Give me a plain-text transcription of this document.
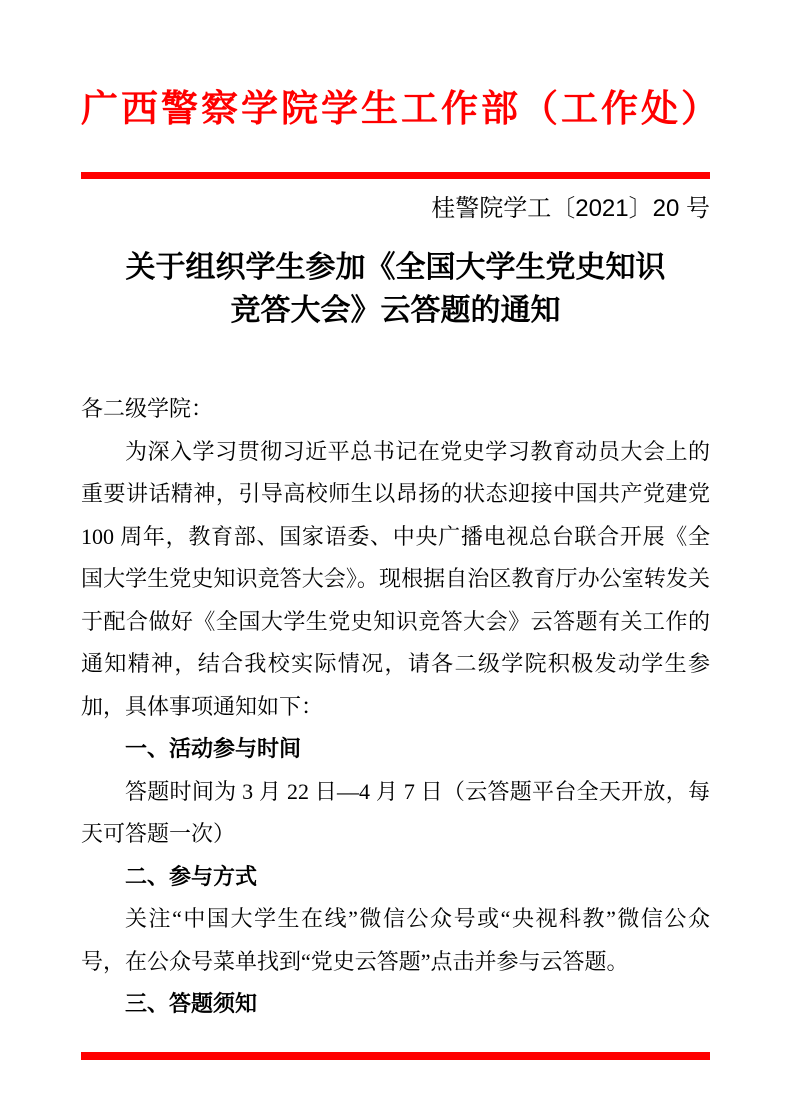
广西警察学院学生工作部（工作处）
桂警院学工〔2021〕20 号
关于组织学生参加《全国大学生党史知识
竞答大会》云答题的通知

各二级学院：

为深入学习贯彻习近平总书记在党史学习教育动员大会上的重要讲话精神，引导高校师生以昂扬的状态迎接中国共产党建党 100 周年，教育部、国家语委、中央广播电视总台联合开展《全国大学生党史知识竞答大会》。现根据自治区教育厅办公室转发关于配合做好《全国大学生党史知识竞答大会》云答题有关工作的通知精神，结合我校实际情况，请各二级学院积极发动学生参加，具体事项通知如下：

一、活动参与时间

答题时间为 3 月 22 日—4 月 7 日（云答题平台全天开放，每天可答题一次）

二、参与方式

关注“中国大学生在线”微信公众号或“央视科教”微信公众号，在公众号菜单找到“党史云答题”点击并参与云答题。

三、答题须知
